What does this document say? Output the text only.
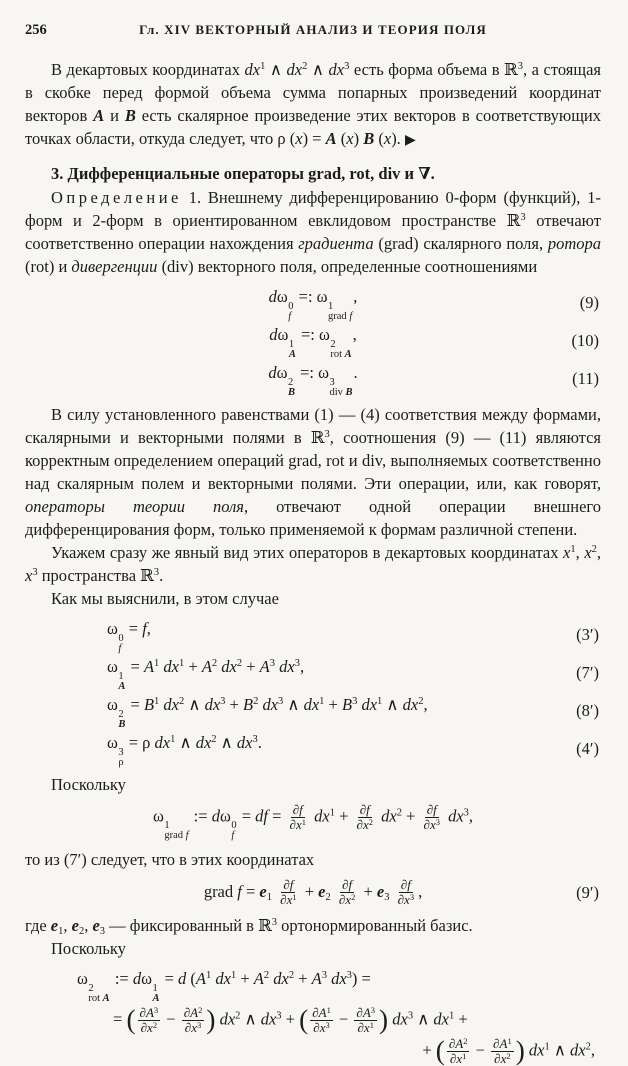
256	Гл. XIV ВЕКТОРНЫЙ АНАЛИЗ И ТЕОРИЯ ПОЛЯ

В декартовых координатах $dx^1$ ∧ $dx^2$ ∧ $dx^3$ есть форма объема в ℝ$^3$, а стоящая в скобке перед формой объема сумма попарных произведений координат векторов A и B есть скалярное произведение этих векторов в соответствующих точках области, откуда следует, что ρ (x) = A (x) B (x). ▶

3. Дифференциальные операторы grad, rot, div и ∇.

Определение 1. Внешнему дифференцированию 0-форм (функций), 1-форм и 2-форм в ориентированном евклидовом пространстве ℝ$^3$ отвечают соответственно операции нахождения градиента (grad) скалярного поля, ротора (rot) и дивергенции (div) векторного поля, определенные соотношениями

dω
0
f
=: ω
1
grad f
,	(9)
dω
1
A
=: ω
2
rot A
,	(10)
dω
2
B
=: ω
3
div B
.	(11)

В силу установленного равенствами (1) — (4) соответствия между формами, скалярными и векторными полями в ℝ$^3$, соотношения (9) — (11) являются корректным определением операций grad, rot и div, выполняемых соответственно над скалярным полем и векторными полями. Эти операции, или, как говорят, операторы теории поля, отвечают одной операции внешнего дифференцирования форм, только применяемой к формам различной степени.

Укажем сразу же явный вид этих операторов в декартовых координатах $x^1$, $x^2$, $x^3$ пространства ℝ$^3$.

Как мы выяснили, в этом случае

ω
0
f
= f,	(3′)
ω
1
A
= $A^1$ $dx^1 + A^2$ $dx^2 + A^3$ $dx^3$,	(7′)
ω
2
B
= $B^1$ $dx^2$ ∧ $dx^3 + B^2$ $dx^3$ ∧ $dx^1 + B^3$ $dx^1$ ∧ $dx^2$,	(8′)
ω
3
ρ
= ρ $dx^1$ ∧ $dx^2$ ∧ $dx^3$.	(4′)

Поскольку

ω
1
grad f
:= dω
0
f
= df = $\frac{\partial f}{\partial x^1} dx^1 + \frac{\partial f}{\partial x^2} dx^2 + \frac{\partial f}{\partial x^3} dx^3$,

то из (7′) следует, что в этих координатах

grad $f = e_1 \frac{\partial f}{\partial x^1} + e_2 \frac{\partial f}{\partial x^2} + e_3 \frac{\partial f}{\partial x^3}$ ,	(9′)

где $e_1$, $e_2$, $e_3$ — фиксированный в ℝ$^3$ ортонормированный базис.

Поскольку

ω
2
rot A
:= dω
1
A
= d ($A^1$ $dx^1 + A^2$ $dx^2 + A^3$ $dx^3$) =
= ( $\frac{\partial A^3}{\partial x^2} - \frac{\partial A^2}{\partial x^3}$ ) $dx^2$ ∧ $dx^3$ + ( $\frac{\partial A^1}{\partial x^3} - \frac{\partial A^3}{\partial x^1}$ ) $dx^3$ ∧ $dx^1$ +
+ ( $\frac{\partial A^2}{\partial x^1} - \frac{\partial A^1}{\partial x^2}$ ) $dx^1$ ∧ $dx^2$,
